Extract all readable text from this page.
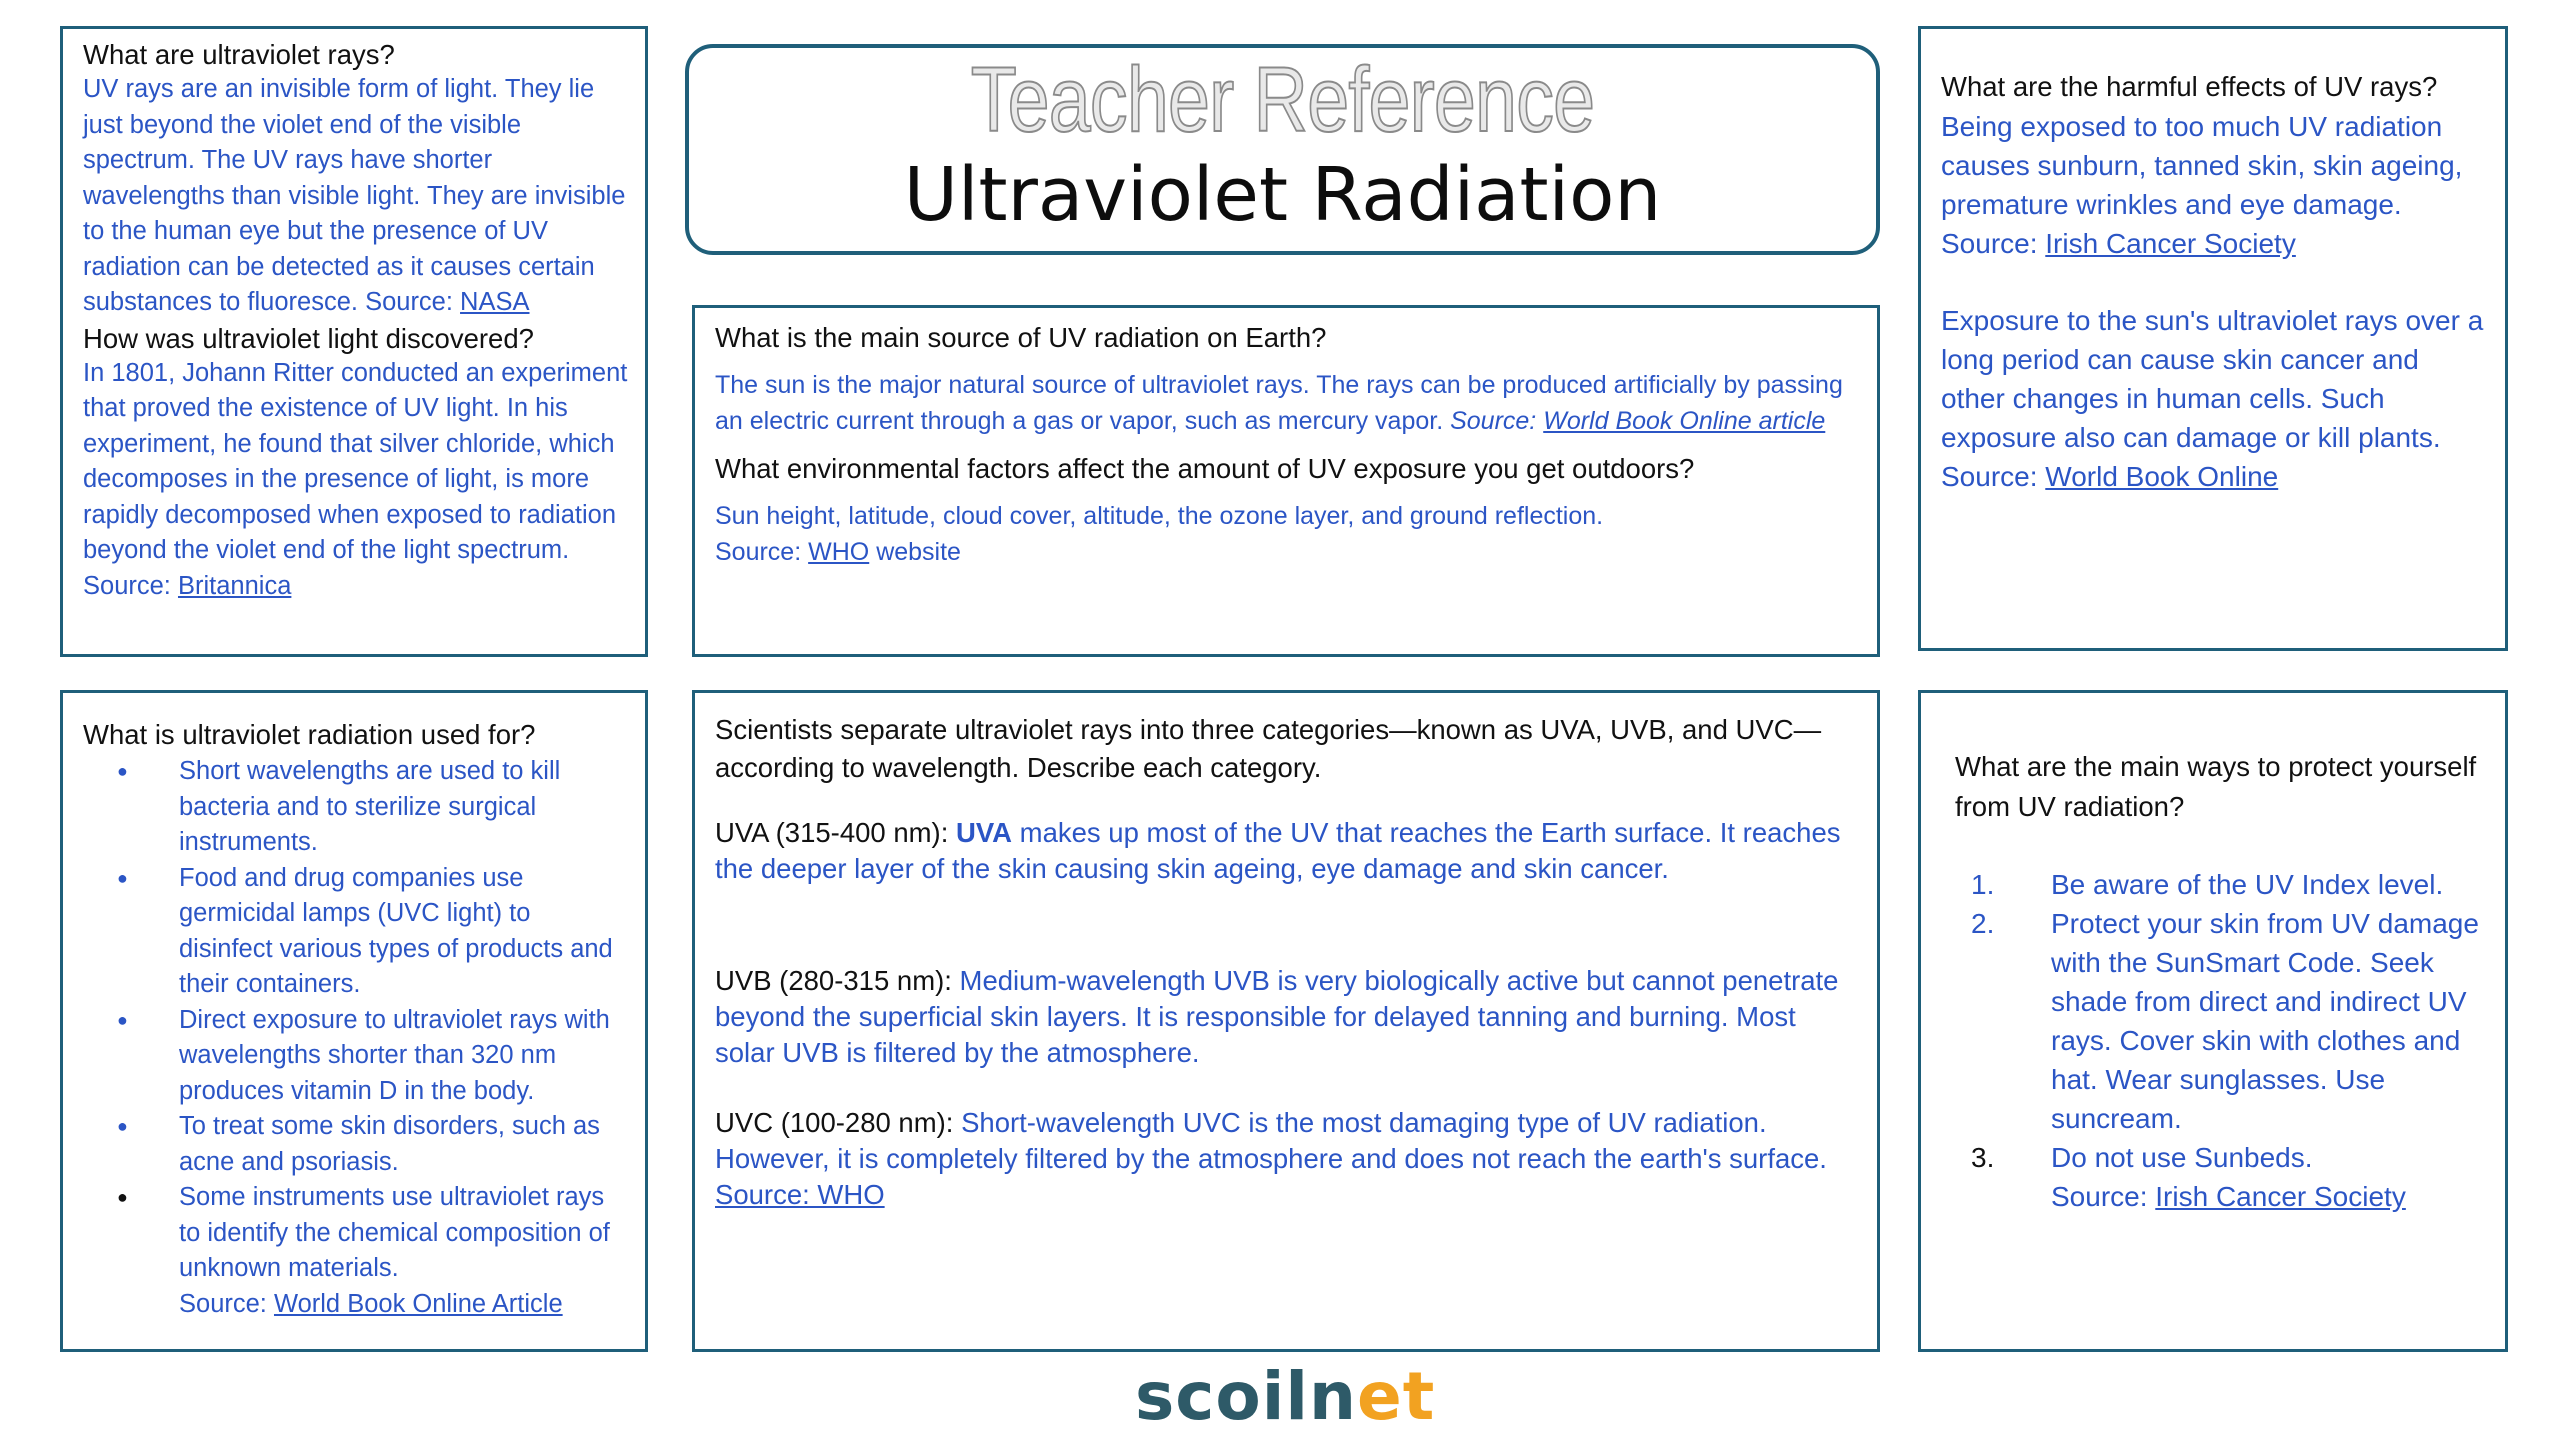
What are ultraviolet rays?
UV rays are an invisible form of light. They lie just beyond the violet end of the visible spectrum. The UV rays have shorter wavelengths than visible light. They are invisible to the human eye but the presence of UV radiation can be detected as it causes certain substances to fluoresce. Source: NASA
How was ultraviolet light discovered?
In 1801, Johann Ritter conducted an experiment that proved the existence of UV light. In his experiment, he found that silver chloride, which decomposes in the presence of light, is more rapidly decomposed when exposed to radiation beyond the violet end of the light spectrum. Source: Britannica
Teacher Reference
Ultraviolet Radiation
What is the main source of UV radiation on Earth?
The sun is the major natural source of ultraviolet rays. The rays can be produced artificially by passing an electric current through a gas or vapor, such as mercury vapor. Source: World Book Online article
What environmental factors affect the amount of UV exposure you get outdoors?
Sun height, latitude, cloud cover, altitude, the ozone layer, and ground reflection.
Source: WHO website
What are the harmful effects of UV rays?
Being exposed to too much UV radiation causes sunburn, tanned skin, skin ageing, premature wrinkles and eye damage. Source: Irish Cancer Society
Exposure to the sun's ultraviolet rays over a long period can cause skin cancer and other changes in human cells. Such exposure also can damage or kill plants. Source: World Book Online
What is ultraviolet radiation used for?
● Short wavelengths are used to kill bacteria and to sterilize surgical instruments.
● Food and drug companies use germicidal lamps (UVC light) to disinfect various types of products and their containers.
● Direct exposure to ultraviolet rays with wavelengths shorter than 320 nm produces vitamin D in the body.
● To treat some skin disorders, such as acne and psoriasis.
● Some instruments use ultraviolet rays to identify the chemical composition of unknown materials.
Source: World Book Online Article
Scientists separate ultraviolet rays into three categories—known as UVA, UVB, and UVC—according to wavelength. Describe each category.
UVA (315-400 nm): UVA makes up most of the UV that reaches the Earth surface. It reaches the deeper layer of the skin causing skin ageing, eye damage and skin cancer.
UVB (280-315 nm): Medium-wavelength UVB is very biologically active but cannot penetrate beyond the superficial skin layers. It is responsible for delayed tanning and burning. Most solar UVB is filtered by the atmosphere.
UVC (100-280 nm): Short-wavelength UVC is the most damaging type of UV radiation. However, it is completely filtered by the atmosphere and does not reach the earth's surface. Source: WHO
What are the main ways to protect yourself from UV radiation?
1. Be aware of the UV Index level.
2. Protect your skin from UV damage with the SunSmart Code. Seek shade from direct and indirect UV rays. Cover skin with clothes and hat. Wear sunglasses. Use suncream.
3. Do not use Sunbeds.
Source: Irish Cancer Society
scoilnet
